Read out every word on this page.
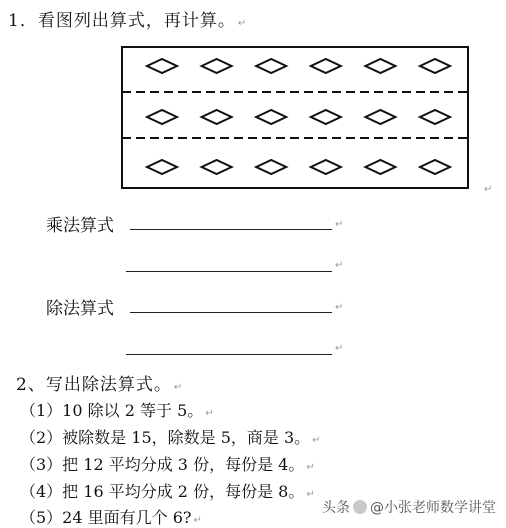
1．看图列出算式，再计算。 ↵
↵
乘法算式	↵
↵
除法算式	↵
↵
2、写出除法算式。 ↵
（1）10 除以 2 等于 5。 ↵
（2）被除数是 15，除数是 5，商是 3。 ↵
（3）把 12 平均分成 3 份，每份是 4。 ↵
（4）把 16 平均分成 2 份，每份是 8。 ↵
（5）24 里面有几个 6? ↵
头条 @小张老师数学讲堂
